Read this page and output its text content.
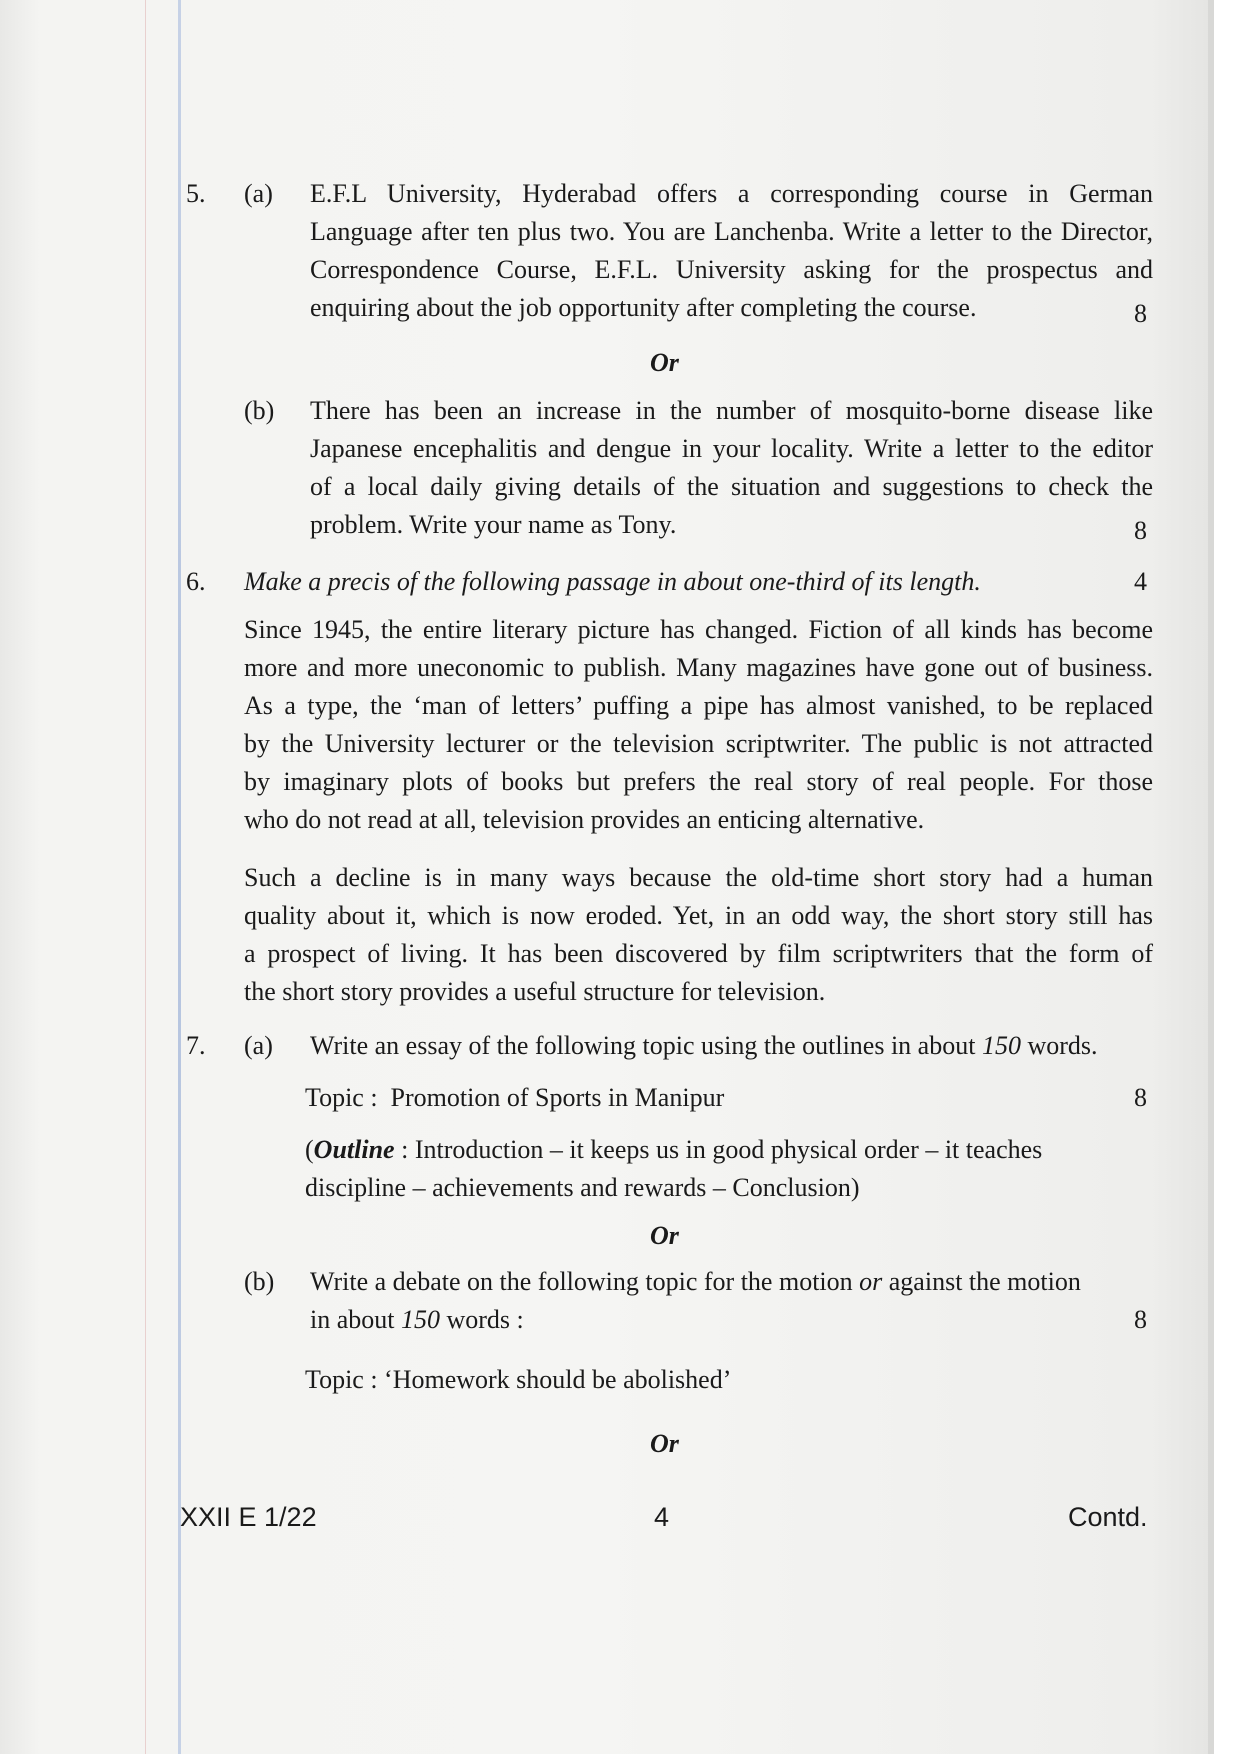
5. (a) E.F.L University, Hyderabad offers a corresponding course in German
Language after ten plus two. You are Lanchenba. Write a letter to the Director,
Correspondence Course, E.F.L. University asking for the prospectus and
enquiring about the job opportunity after completing the course.	8
Or
(b) There has been an increase in the number of mosquito-borne disease like
Japanese encephalitis and dengue in your locality. Write a letter to the editor
of a local daily giving details of the situation and suggestions to check the
problem. Write your name as Tony.	8
6. Make a precis of the following passage in about one-third of its length.	4
Since 1945, the entire literary picture has changed. Fiction of all kinds has become
more and more uneconomic to publish. Many magazines have gone out of business.
As a type, the ‘man of letters’ puffing a pipe has almost vanished, to be replaced
by the University lecturer or the television scriptwriter. The public is not attracted
by imaginary plots of books but prefers the real story of real people. For those
who do not read at all, television provides an enticing alternative.
Such a decline is in many ways because the old-time short story had a human
quality about it, which is now eroded. Yet, in an odd way, the short story still has
a prospect of living. It has been discovered by film scriptwriters that the form of
the short story provides a useful structure for television.
7. (a) Write an essay of the following topic using the outlines in about 150 words.
Topic :  Promotion of Sports in Manipur	8
(Outline : Introduction – it keeps us in good physical order – it teaches
discipline – achievements and rewards – Conclusion)
Or
(b) Write a debate on the following topic for the motion or against the motion
in about 150 words :	8
Topic : ‘Homework should be abolished’
Or
XXII E 1/22	4	Contd.
